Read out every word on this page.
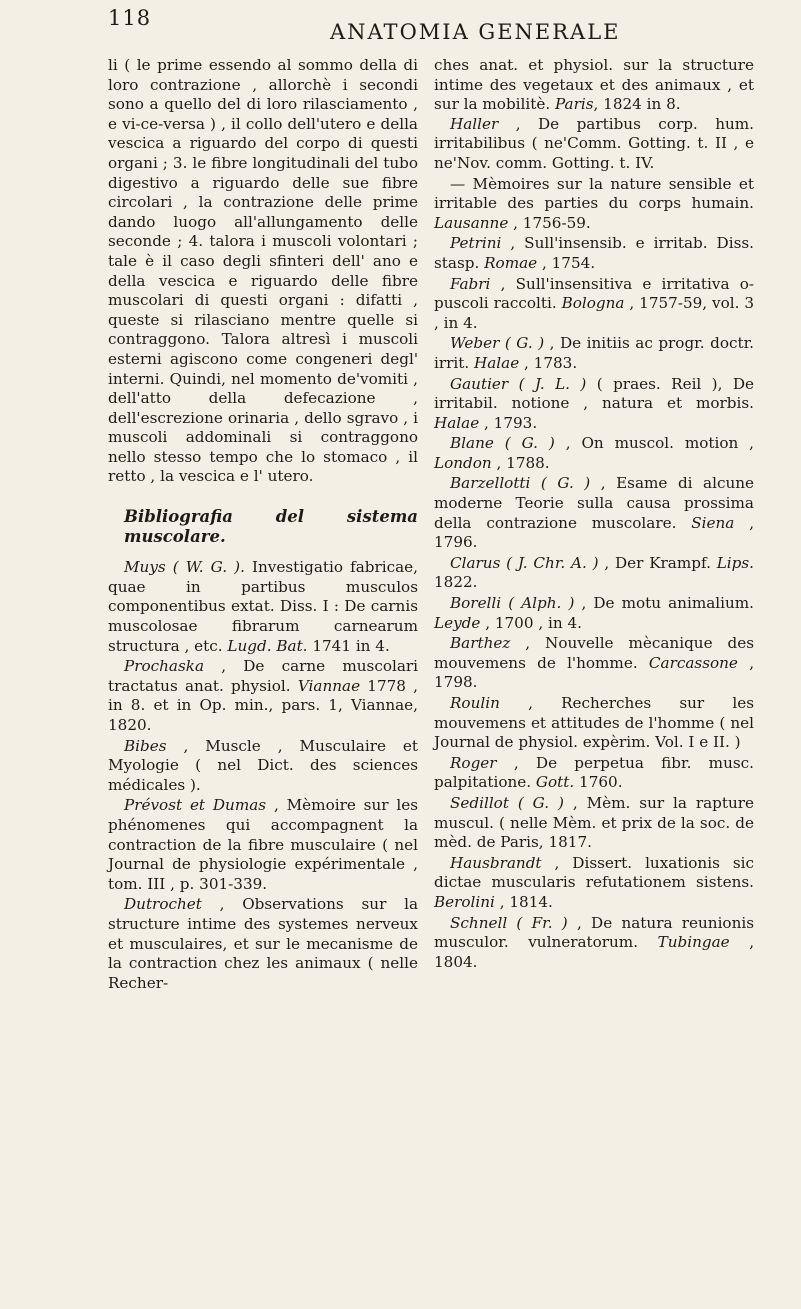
118
ANATOMIA GENERALE

li ( le prime essendo al sommo della di loro contrazione , allorchè i secondi sono a quello del di loro rilasciamento , e vi-ce-versa ) , il collo dell'utero e della vescica a riguardo del corpo di questi organi ; 3. le fibre longitudinali del tubo digestivo a riguardo delle sue fibre circolari , la contrazione delle prime dando luogo all'allungamento delle seconde ; 4. talora i muscoli volontari ; tale è il caso degli sfinteri dell' ano e della vescica e riguardo delle fibre muscolari di questi organi : difatti , queste si rilasciano mentre quelle si contraggono. Talora altresì i muscoli esterni agiscono come congeneri degl' interni. Quindi, nel momento de'vomiti , dell'atto della defecazione , dell'escrezione orinaria , dello sgravo , i muscoli addominali si contraggono nello stesso tempo che lo stomaco , il retto , la vescica e l' utero.

Bibliografia del sistema muscolare.

Muys ( W. G. ). Investigatio fabricae, quae in partibus musculos componentibus extat. Diss. I : De carnis muscolosae fibrarum carnearum structura , etc. Lugd. Bat. 1741 in 4.

Prochaska , De carne muscolari tractatus anat. physiol. Viannae 1778 , in 8. et in Op. min., pars. 1, Viannae, 1820.

Bibes , Muscle , Musculaire et Myologie ( nel Dict. des sciences médicales ).

Prévost et Dumas , Mèmoire sur les phénomenes qui accompagnent la contraction de la fibre musculaire ( nel Journal de physiologie expérimentale , tom. III , p. 301-339.

Dutrochet , Observations sur la structure intime des systemes nerveux et musculaires, et sur le mecanisme de la contraction chez les animaux ( nelle Recher-

ches anat. et physiol. sur la structure intime des vegetaux et des animaux , et sur la mobilitè. Paris, 1824 in 8.

Haller , De partibus corp. hum. irritabilibus ( ne'Comm. Gotting. t. II , e ne'Nov. comm. Gotting. t. IV.

— Mèmoires sur la nature sensible et irritable des parties du corps humain. Lausanne , 1756-59.

Petrini , Sull'insensib. e irritab. Diss. stasp. Romae , 1754.

Fabri , Sull'insensitiva e irritativa o-puscoli raccolti. Bologna , 1757-59, vol. 3 , in 4.

Weber ( G. ) , De initiis ac progr. doctr. irrit. Halae , 1783.

Gautier ( J. L. ) ( praes. Reil ), De irritabil. notione , natura et morbis. Halae , 1793.

Blane ( G. ) , On muscol. motion , London , 1788.

Barzellotti ( G. ) , Esame di alcune moderne Teorie sulla causa prossima della contrazione muscolare. Siena , 1796.

Clarus ( J. Chr. A. ) , Der Krampf. Lips. 1822.

Borelli ( Alph. ) , De motu animalium. Leyde , 1700 , in 4.

Barthez , Nouvelle mècanique des mouvemens de l'homme. Carcassone , 1798.

Roulin , Recherches sur les mouvemens et attitudes de l'homme ( nel Journal de physiol. expèrim. Vol. I e II. )

Roger , De perpetua fibr. musc. palpitatione. Gott. 1760.

Sedillot ( G. ) , Mèm. sur la rapture muscul. ( nelle Mèm. et prix de la soc. de mèd. de Paris, 1817.

Hausbrandt , Dissert. luxationis sic dictae muscularis refutationem sistens. Berolini , 1814.

Schnell ( Fr. ) , De natura reunionis musculor. vulneratorum. Tubingae , 1804.
